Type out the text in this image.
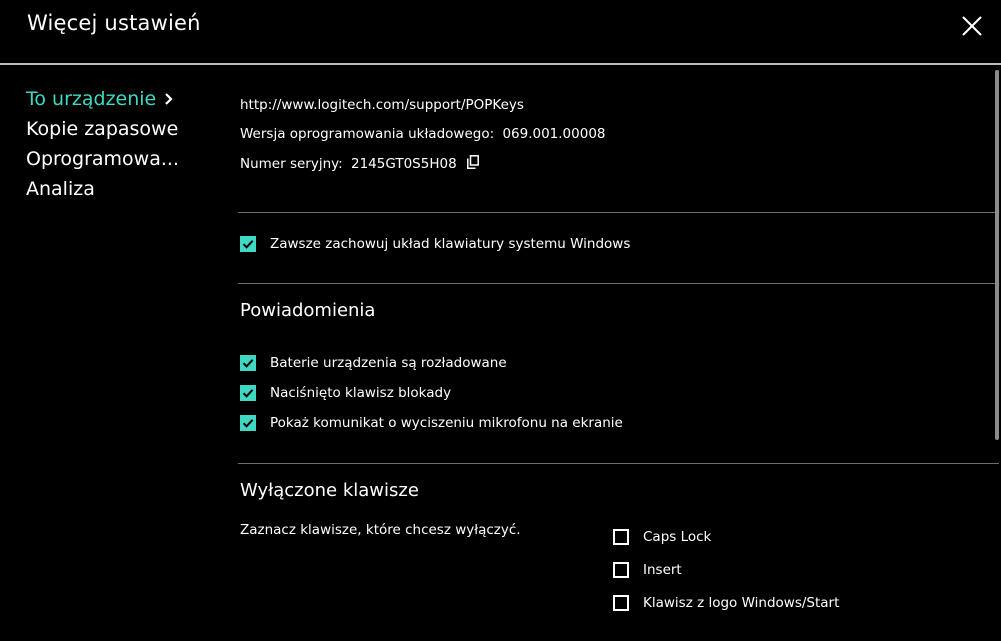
Więcej ustawień
To urządzenie
Kopie zapasowe
Oprogramowa...
Analiza
http://www.logitech.com/support/POPKeys
Wersja oprogramowania układowego: 069.001.00008
Numer seryjny: 2145GT0S5H08
Zawsze zachowuj układ klawiatury systemu Windows
Powiadomienia
Baterie urządzenia są rozładowane
Naciśnięto klawisz blokady
Pokaż komunikat o wyciszeniu mikrofonu na ekranie
Wyłączone klawisze
Zaznacz klawisze, które chcesz wyłączyć.	Caps Lock
Insert
Klawisz z logo Windows/Start
